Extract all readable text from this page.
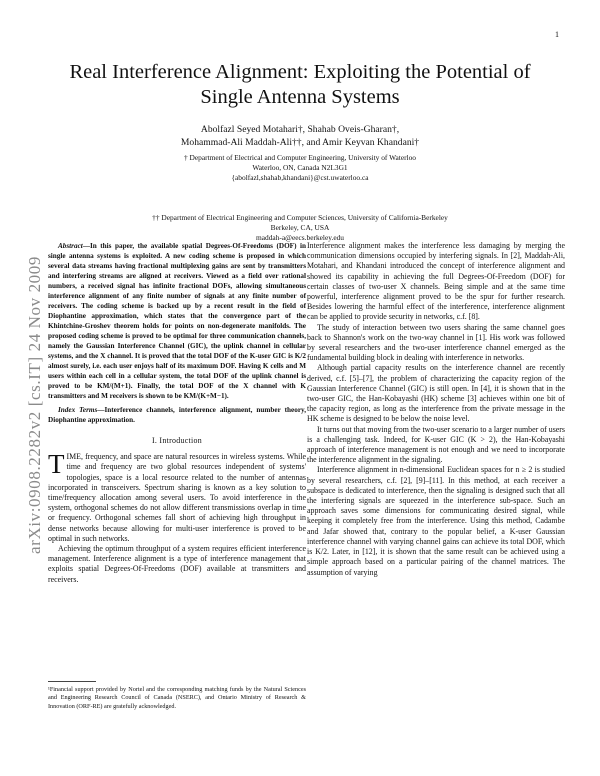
1
arXiv:0908.2282v2 [cs.IT] 24 Nov 2009
Real Interference Alignment: Exploiting the Potential of Single Antenna Systems

Abolfazl Seyed Motahari†, Shahab Oveis-Gharan†,

Mohammad-Ali Maddah-Ali††, and Amir Keyvan Khandani†

† Department of Electrical and Computer Engineering, University of Waterloo

Waterloo, ON, Canada N2L3G1

{abolfazl,shahab,khandani}@cst.uwaterloo.ca

†† Department of Electrical Engineering and Computer Sciences, University of California-Berkeley

Berkeley, CA, USA

maddah-a@eecs.berkeley.edu

Abstract—In this paper, the available spatial Degrees-Of-Freedoms (DOF) in single antenna systems is exploited. A new coding scheme is proposed in which several data streams having fractional multiplexing gains are sent by transmitters and interfering streams are aligned at receivers. Viewed as a field over rational numbers, a received signal has infinite fractional DOFs, allowing simultaneous interference alignment of any finite number of signals at any finite number of receivers. The coding scheme is backed up by a recent result in the field of Diophantine approximation, which states that the convergence part of the Khintchine-Groshev theorem holds for points on non-degenerate manifolds. The proposed coding scheme is proved to be optimal for three communication channels, namely the Gaussian Interference Channel (GIC), the uplink channel in cellular systems, and the X channel. It is proved that the total DOF of the K-user GIC is K/2 almost surely, i.e. each user enjoys half of its maximum DOF. Having K cells and M users within each cell in a cellular system, the total DOF of the uplink channel is proved to be KM/(M+1). Finally, the total DOF of the X channel with K transmitters and M receivers is shown to be KM/(K+M−1).

Index Terms—Interference channels, interference alignment, number theory, Diophantine approximation.

I. Introduction

TIME, frequency, and space are natural resources in wireless systems. While time and frequency are two global resources independent of systems' topologies, space is a local resource related to the number of antennas incorporated in transceivers. Spectrum sharing is known as a key solution to time/frequency allocation among several users. To avoid interference in the system, orthogonal schemes do not allow different transmissions overlap in time or frequency. Orthogonal schemes fall short of achieving high throughput in dense networks because allowing for multi-user interference is proved to be optimal in such networks.

Achieving the optimum throughput of a system requires efficient interference management. Interference alignment is a type of interference management that exploits spatial Degrees-Of-Freedoms (DOF) available at transmitters and receivers.

¹Financial support provided by Nortel and the corresponding matching funds by the Natural Sciences and Engineering Research Council of Canada (NSERC), and Ontario Ministry of Research & Innovation (ORF-RE) are gratefully acknowledged.

Interference alignment makes the interference less damaging by merging the communication dimensions occupied by interfering signals. In [2], Maddah-Ali, Motahari, and Khandani introduced the concept of interference alignment and showed its capability in achieving the full Degrees-Of-Freedom (DOF) for certain classes of two-user X channels. Being simple and at the same time powerful, interference alignment proved to be the spur for further research. Besides lowering the harmful effect of the interference, interference alignment can be applied to provide security in networks, c.f. [8].

The study of interaction between two users sharing the same channel goes back to Shannon's work on the two-way channel in [1]. His work was followed by several researchers and the two-user interference channel emerged as the fundamental building block in dealing with interference in networks.

Although partial capacity results on the interference channel are recently derived, c.f. [5]–[7], the problem of characterizing the capacity region of the Gaussian Interference Channel (GIC) is still open. In [4], it is shown that in the two-user GIC, the Han-Kobayashi (HK) scheme [3] achieves within one bit of the capacity region, as long as the interference from the private message in the HK scheme is designed to be below the noise level.

It turns out that moving from the two-user scenario to a larger number of users is a challenging task. Indeed, for K-user GIC (K > 2), the Han-Kobayashi approach of interference management is not enough and we need to incorporate the interference alignment in the signaling.

Interference alignment in n-dimensional Euclidean spaces for n ≥ 2 is studied by several researchers, c.f. [2], [9]–[11]. In this method, at each receiver a subspace is dedicated to interference, then the signaling is designed such that all the interfering signals are squeezed in the interference sub-space. Such an approach saves some dimensions for communicating desired signal, while keeping it completely free from the interference. Using this method, Cadambe and Jafar showed that, contrary to the popular belief, a K-user Gaussian interference channel with varying channel gains can achieve its total DOF, which is K/2. Later, in [12], it is shown that the same result can be achieved using a simple approach based on a particular pairing of the channel matrices. The assumption of varying
